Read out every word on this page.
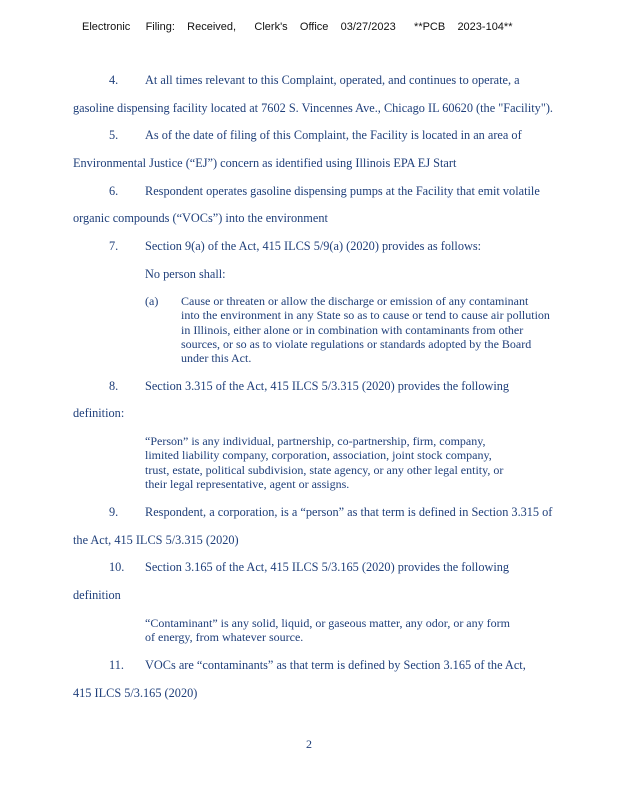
Electronic     Filing:    Received,      Clerk's    Office    03/27/2023      **PCB    2023-104**
4. At all times relevant to this Complaint, operated, and continues to operate, a
gasoline dispensing facility located at 7602 S. Vincennes Ave., Chicago IL 60620 (the "Facility").
5. As of the date of filing of this Complaint, the Facility is located in an area of
Environmental Justice (“EJ”) concern as identified using Illinois EPA EJ Start
6. Respondent operates gasoline dispensing pumps at the Facility that emit volatile
organic compounds (“VOCs”) into the environment
7. Section 9(a) of the Act, 415 ILCS 5/9(a) (2020) provides as follows:
No person shall:
(a) Cause or threaten or allow the discharge or emission of any contaminant
into the environment in any State so as to cause or tend to cause air pollution
in Illinois, either alone or in combination with contaminants from other
sources, or so as to violate regulations or standards adopted by the Board
under this Act.
8. Section 3.315 of the Act, 415 ILCS 5/3.315 (2020) provides the following
definition:
“Person” is any individual, partnership, co-partnership, firm, company,
limited liability company, corporation, association, joint stock company,
trust, estate, political subdivision, state agency, or any other legal entity, or
their legal representative, agent or assigns.
9. Respondent, a corporation, is a “person” as that term is defined in Section 3.315 of
the Act, 415 ILCS 5/3.315 (2020)
10. Section 3.165 of the Act, 415 ILCS 5/3.165 (2020) provides the following
definition
“Contaminant” is any solid, liquid, or gaseous matter, any odor, or any form
of energy, from whatever source.
11. VOCs are “contaminants” as that term is defined by Section 3.165 of the Act,
415 ILCS 5/3.165 (2020)
2
